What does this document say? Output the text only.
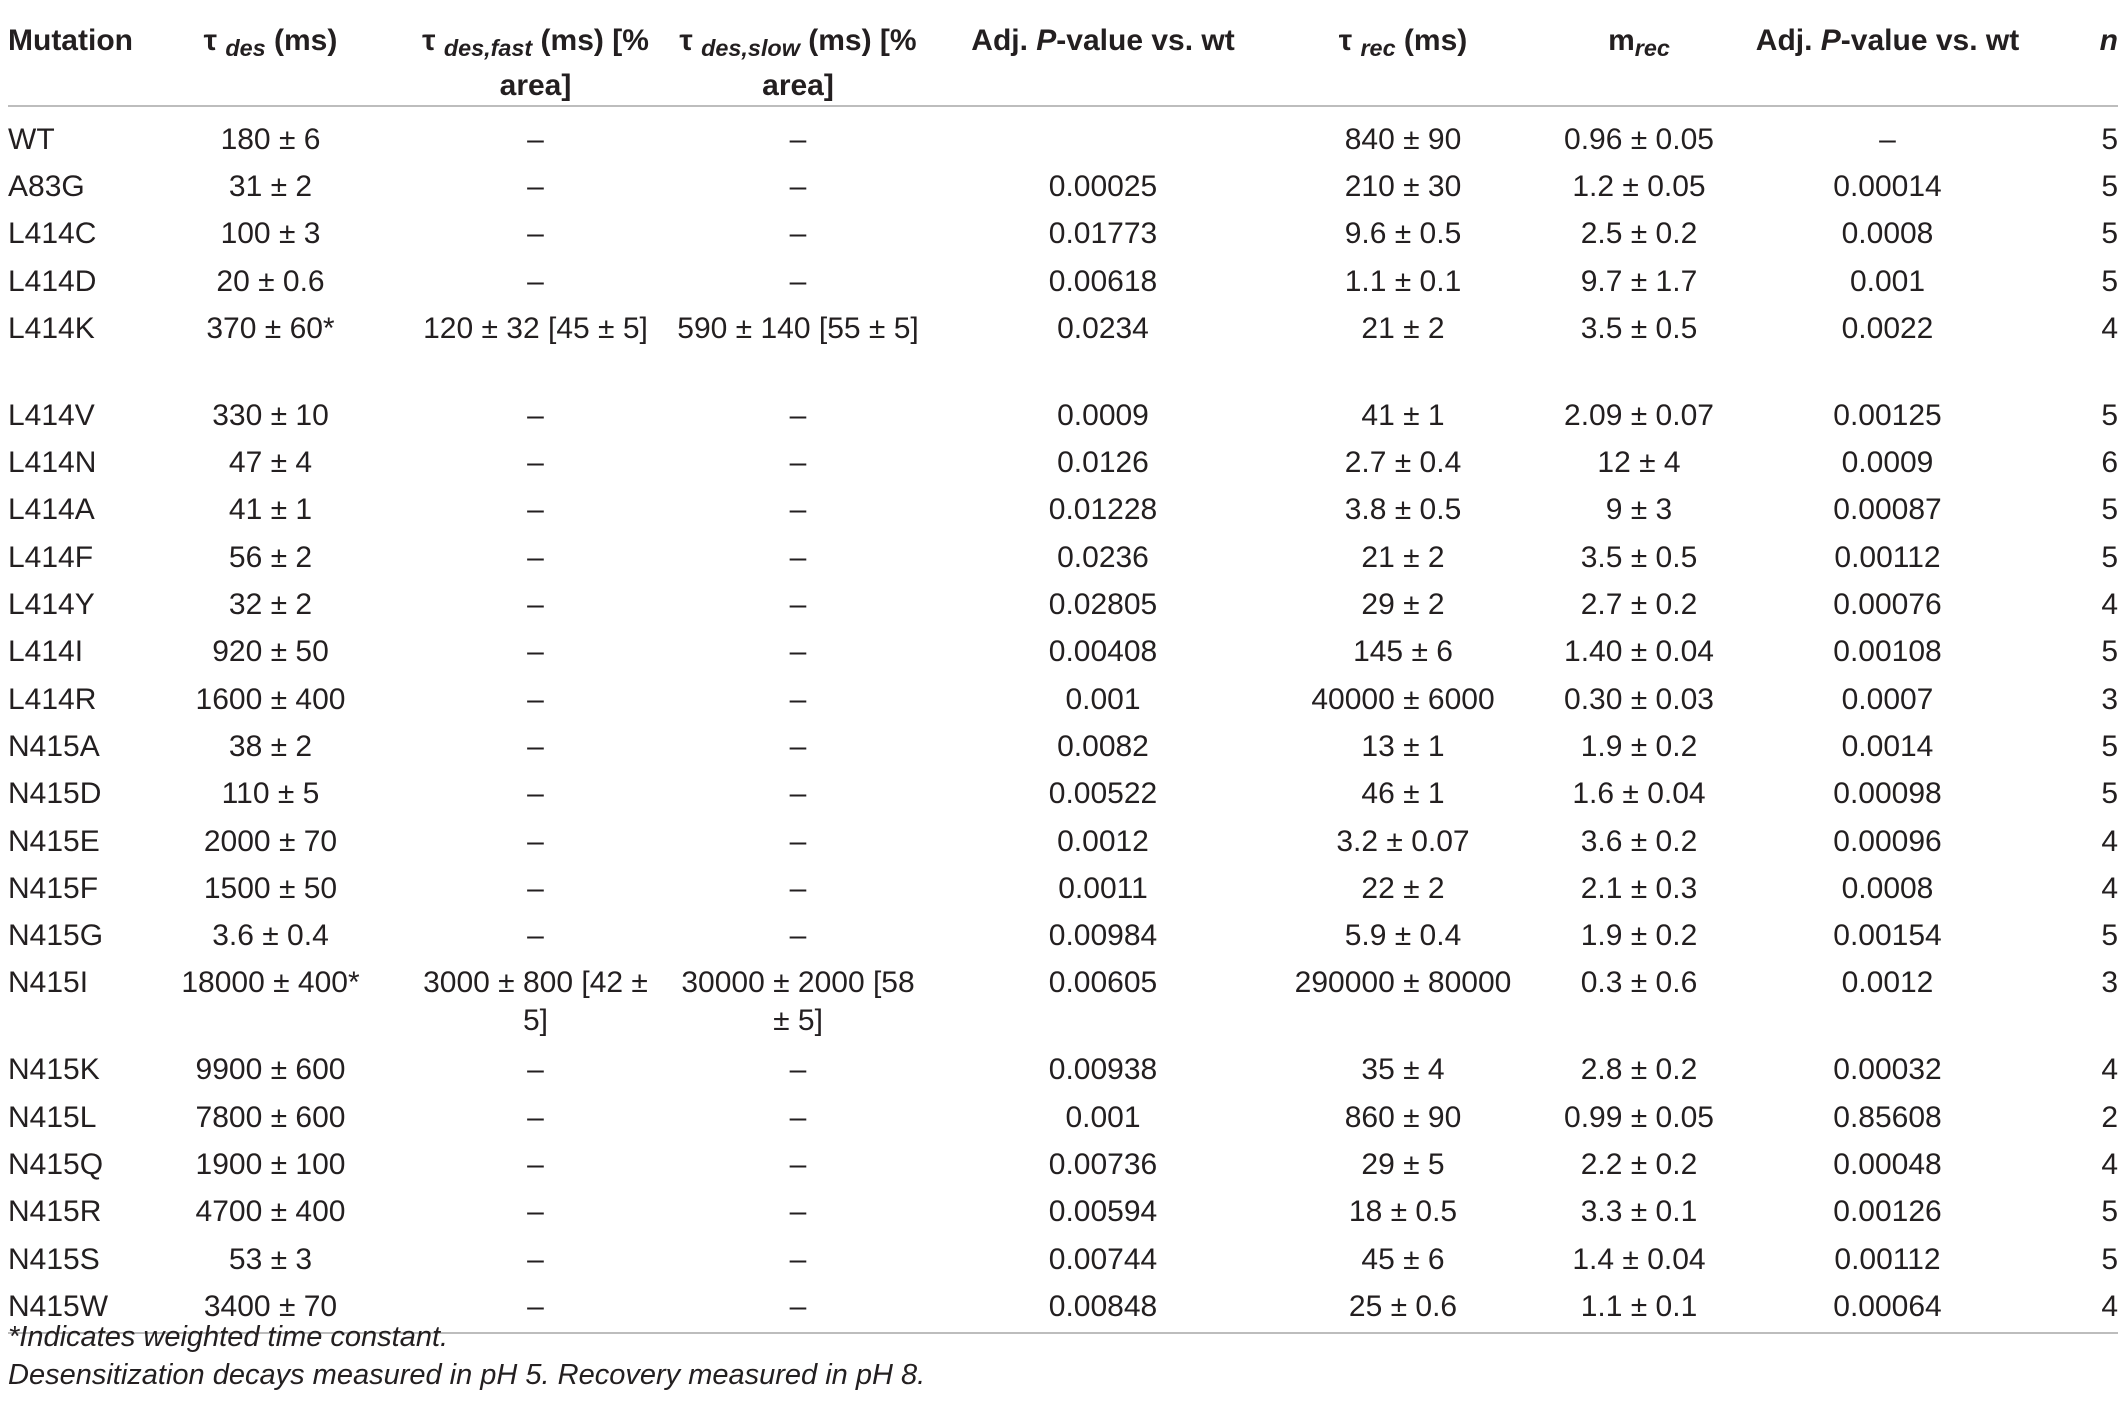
Mutation	τ $_{des}$ (ms)	τ $_{des,fast}$ (ms) [% area]	τ $_{des,slow}$ (ms) [% area]	Adj. P-value vs. wt	τ $_{rec}$ (ms)	$m_{rec}$	Adj. P-value vs. wt	n
WT	180 ± 6	–	–		840 ± 90	0.96 ± 0.05	–	5
A83G	31 ± 2	–	–	0.00025	210 ± 30	1.2 ± 0.05	0.00014	5
L414C	100 ± 3	–	–	0.01773	9.6 ± 0.5	2.5 ± 0.2	0.0008	5
L414D	20 ± 0.6	–	–	0.00618	1.1 ± 0.1	9.7 ± 1.7	0.001	5
L414K	370 ± 60*	120 ± 32 [45 ± 5]	590 ± 140 [55 ± 5]	0.0234	21 ± 2	3.5 ± 0.5	0.0022	4
L414V	330 ± 10	–	–	0.0009	41 ± 1	2.09 ± 0.07	0.00125	5
L414N	47 ± 4	–	–	0.0126	2.7 ± 0.4	12 ± 4	0.0009	6
L414A	41 ± 1	–	–	0.01228	3.8 ± 0.5	9 ± 3	0.00087	5
L414F	56 ± 2	–	–	0.0236	21 ± 2	3.5 ± 0.5	0.00112	5
L414Y	32 ± 2	–	–	0.02805	29 ± 2	2.7 ± 0.2	0.00076	4
L414I	920 ± 50	–	–	0.00408	145 ± 6	1.40 ± 0.04	0.00108	5
L414R	1600 ± 400	–	–	0.001	40000 ± 6000	0.30 ± 0.03	0.0007	3
N415A	38 ± 2	–	–	0.0082	13 ± 1	1.9 ± 0.2	0.0014	5
N415D	110 ± 5	–	–	0.00522	46 ± 1	1.6 ± 0.04	0.00098	5
N415E	2000 ± 70	–	–	0.0012	3.2 ± 0.07	3.6 ± 0.2	0.00096	4
N415F	1500 ± 50	–	–	0.0011	22 ± 2	2.1 ± 0.3	0.0008	4
N415G	3.6 ± 0.4	–	–	0.00984	5.9 ± 0.4	1.9 ± 0.2	0.00154	5
N415I	18000 ± 400*	3000 ± 800 [42 ± 5]	30000 ± 2000 [58 ± 5]	0.00605	290000 ± 80000	0.3 ± 0.6	0.0012	3
N415K	9900 ± 600	–	–	0.00938	35 ± 4	2.8 ± 0.2	0.00032	4
N415L	7800 ± 600	–	–	0.001	860 ± 90	0.99 ± 0.05	0.85608	2
N415Q	1900 ± 100	–	–	0.00736	29 ± 5	2.2 ± 0.2	0.00048	4
N415R	4700 ± 400	–	–	0.00594	18 ± 0.5	3.3 ± 0.1	0.00126	5
N415S	53 ± 3	–	–	0.00744	45 ± 6	1.4 ± 0.04	0.00112	5
N415W	3400 ± 70	–	–	0.00848	25 ± 0.6	1.1 ± 0.1	0.00064	4

*Indicates weighted time constant.

Desensitization decays measured in pH 5. Recovery measured in pH 8.
